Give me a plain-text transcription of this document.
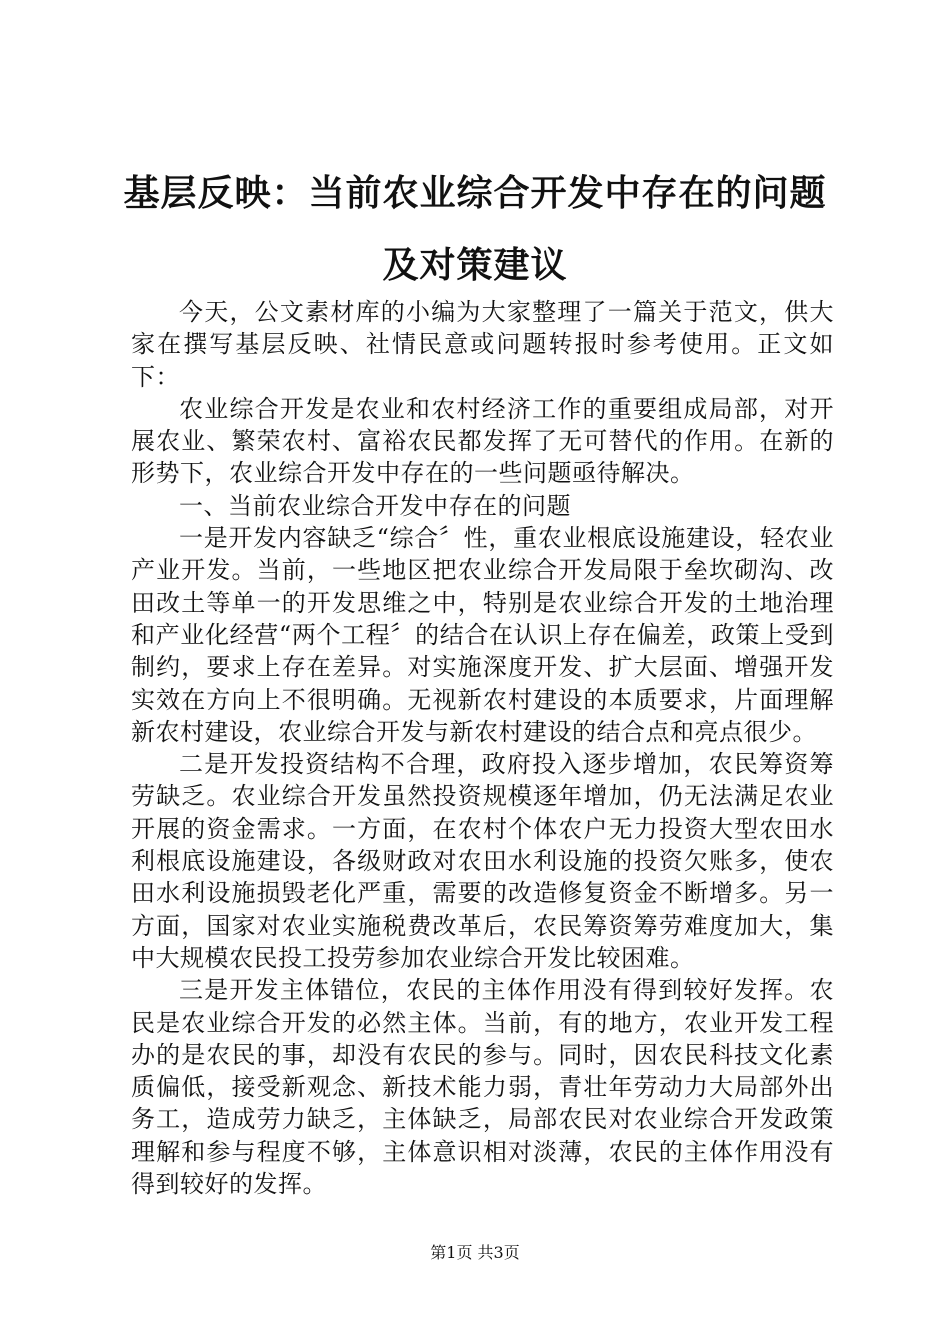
基层反映：当前农业综合开发中存在的问题及对策建议

今天，公文素材库的小编为大家整理了一篇关于范文，供大家在撰写基层反映、社情民意或问题转报时参考使用。正文如下：

农业综合开发是农业和农村经济工作的重要组成局部，对开展农业、繁荣农村、富裕农民都发挥了无可替代的作用。在新的形势下，农业综合开发中存在的一些问题亟待解决。

一、当前农业综合开发中存在的问题

一是开发内容缺乏“综合〞性，重农业根底设施建设，轻农业产业开发。当前，一些地区把农业综合开发局限于垒坎砌沟、改田改土等单一的开发思维之中，特别是农业综合开发的土地治理和产业化经营“两个工程〞的结合在认识上存在偏差，政策上受到制约，要求上存在差异。对实施深度开发、扩大层面、增强开发实效在方向上不很明确。无视新农村建设的本质要求，片面理解新农村建设，农业综合开发与新农村建设的结合点和亮点很少。

二是开发投资结构不合理，政府投入逐步增加，农民筹资筹劳缺乏。农业综合开发虽然投资规模逐年增加，仍无法满足农业开展的资金需求。一方面，在农村个体农户无力投资大型农田水利根底设施建设，各级财政对农田水利设施的投资欠账多，使农田水利设施损毁老化严重，需要的改造修复资金不断增多。另一方面，国家对农业实施税费改革后，农民筹资筹劳难度加大，集中大规模农民投工投劳参加农业综合开发比较困难。

三是开发主体错位，农民的主体作用没有得到较好发挥。农民是农业综合开发的必然主体。当前，有的地方，农业开发工程办的是农民的事，却没有农民的参与。同时，因农民科技文化素质偏低，接受新观念、新技术能力弱，青壮年劳动力大局部外出务工，造成劳力缺乏，主体缺乏，局部农民对农业综合开发政策理解和参与程度不够，主体意识相对淡薄，农民的主体作用没有得到较好的发挥。

第1页 共3页
